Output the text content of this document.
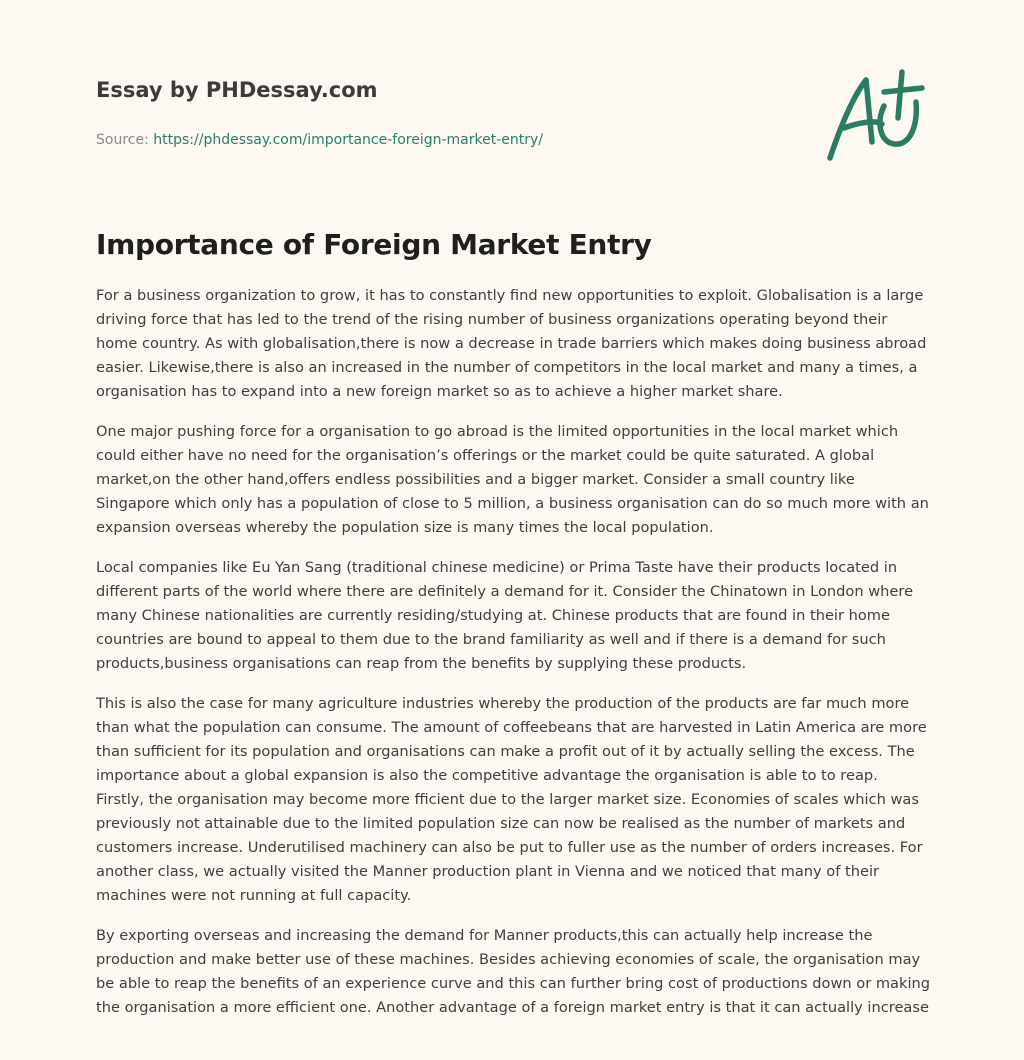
Essay by PHDessay.com
Source: https://phdessay.com/importance-foreign-market-entry/
Importance of Foreign Market Entry

For a business organization to grow, it has to constantly find new opportunities to exploit. Globalisation is a large driving force that has led to the trend of the rising number of business organizations operating beyond their home country. As with globalisation,there is now a decrease in trade barriers which makes doing business abroad easier. Likewise,there is also an increased in the number of competitors in the local market and many a times, a organisation has to expand into a new foreign market so as to achieve a higher market share.

One major pushing force for a organisation to go abroad is the limited opportunities in the local market which could either have no need for the organisation’s offerings or the market could be quite saturated. A global market,on the other hand,offers endless possibilities and a bigger market. Consider a small country like Singapore which only has a population of close to 5 million, a business organisation can do so much more with an expansion overseas whereby the population size is many times the local population.

Local companies like Eu Yan Sang (traditional chinese medicine) or Prima Taste have their products located in different parts of the world where there are definitely a demand for it. Consider the Chinatown in London where many Chinese nationalities are currently residing/studying at. Chinese products that are found in their home countries are bound to appeal to them due to the brand familiarity as well and if there is a demand for such products,business organisations can reap from the benefits by supplying these products.

This is also the case for many agriculture industries whereby the production of the products are far much more than what the population can consume. The amount of coffeebeans that are harvested in Latin America are more than sufficient for its population and organisations can make a profit out of it by actually selling the excess. The importance about a global expansion is also the competitive advantage the organisation is able to to reap. Firstly, the organisation may become more fficient due to the larger market size. Economies of scales which was previously not attainable due to the limited population size can now be realised as the number of markets and customers increase. Underutilised machinery can also be put to fuller use as the number of orders increases. For another class, we actually visited the Manner production plant in Vienna and we noticed that many of their machines were not running at full capacity.

By exporting overseas and increasing the demand for Manner products,this can actually help increase the production and make better use of these machines. Besides achieving economies of scale, the organisation may be able to reap the benefits of an experience curve and this can further bring cost of productions down or making the organisation a more efficient one. Another advantage of a foreign market entry is that it can actually increase
